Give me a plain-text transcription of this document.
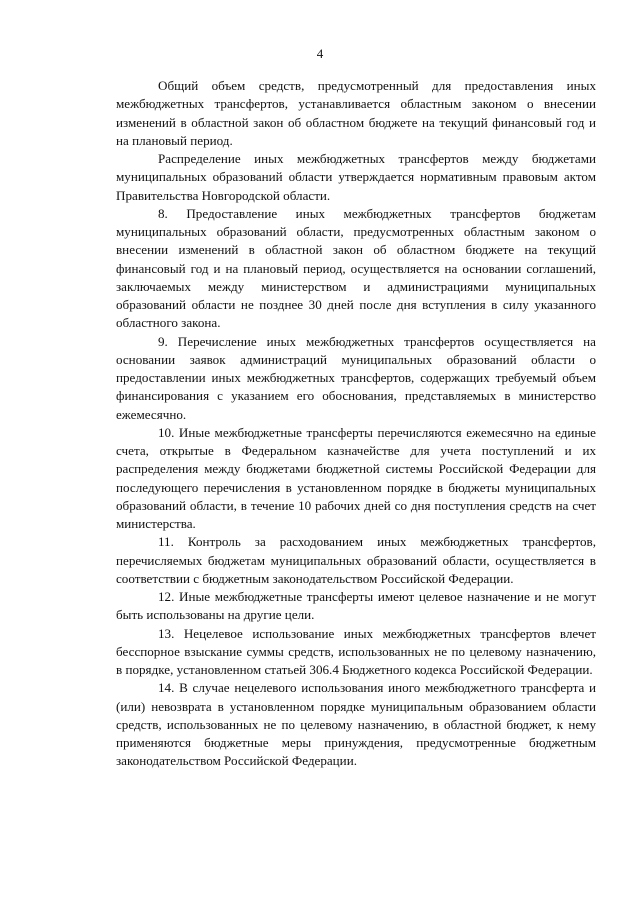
4

Общий объем средств, предусмотренный для предоставления иных межбюджетных трансфертов, устанавливается областным законом о внесении изменений в областной закон об областном бюджете на текущий финансовый год и на плановый период.

Распределение иных межбюджетных трансфертов между бюджетами муниципальных образований области утверждается нормативным правовым актом Правительства Новгородской области.

8. Предоставление иных межбюджетных трансфертов бюджетам муниципальных образований области, предусмотренных областным законом о внесении изменений в областной закон об областном бюджете на текущий финансовый год и на плановый период, осуществляется на основании соглашений, заключаемых между министерством и администрациями муниципальных образований области не позднее 30 дней после дня вступления в силу указанного областного закона.

9. Перечисление иных межбюджетных трансфертов осуществляется на основании заявок администраций муниципальных образований области о предоставлении иных межбюджетных трансфертов, содержащих требуемый объем финансирования с указанием его обоснования, представляемых в министерство ежемесячно.

10. Иные межбюджетные трансферты перечисляются ежемесячно на единые счета, открытые в Федеральном казначействе для учета поступлений и их распределения между бюджетами бюджетной системы Российской Федерации для последующего перечисления в установленном порядке в бюджеты муниципальных образований области, в течение 10 рабочих дней со дня поступления средств на счет министерства.

11. Контроль за расходованием иных межбюджетных трансфертов, перечисляемых бюджетам муниципальных образований области, осуществляется в соответствии с бюджетным законодательством Российской Федерации.

12. Иные межбюджетные трансферты имеют целевое назначение и не могут быть использованы на другие цели.

13. Нецелевое использование иных межбюджетных трансфертов влечет бесспорное взыскание суммы средств, использованных не по целевому назначению, в порядке, установленном статьей 306.4 Бюджетного кодекса Российской Федерации.

14. В случае нецелевого использования иного межбюджетного трансферта и (или) невозврата в установленном порядке муниципальным образованием области средств, использованных не по целевому назначению, в областной бюджет, к нему применяются бюджетные меры принуждения, предусмотренные бюджетным законодательством Российской Федерации.
